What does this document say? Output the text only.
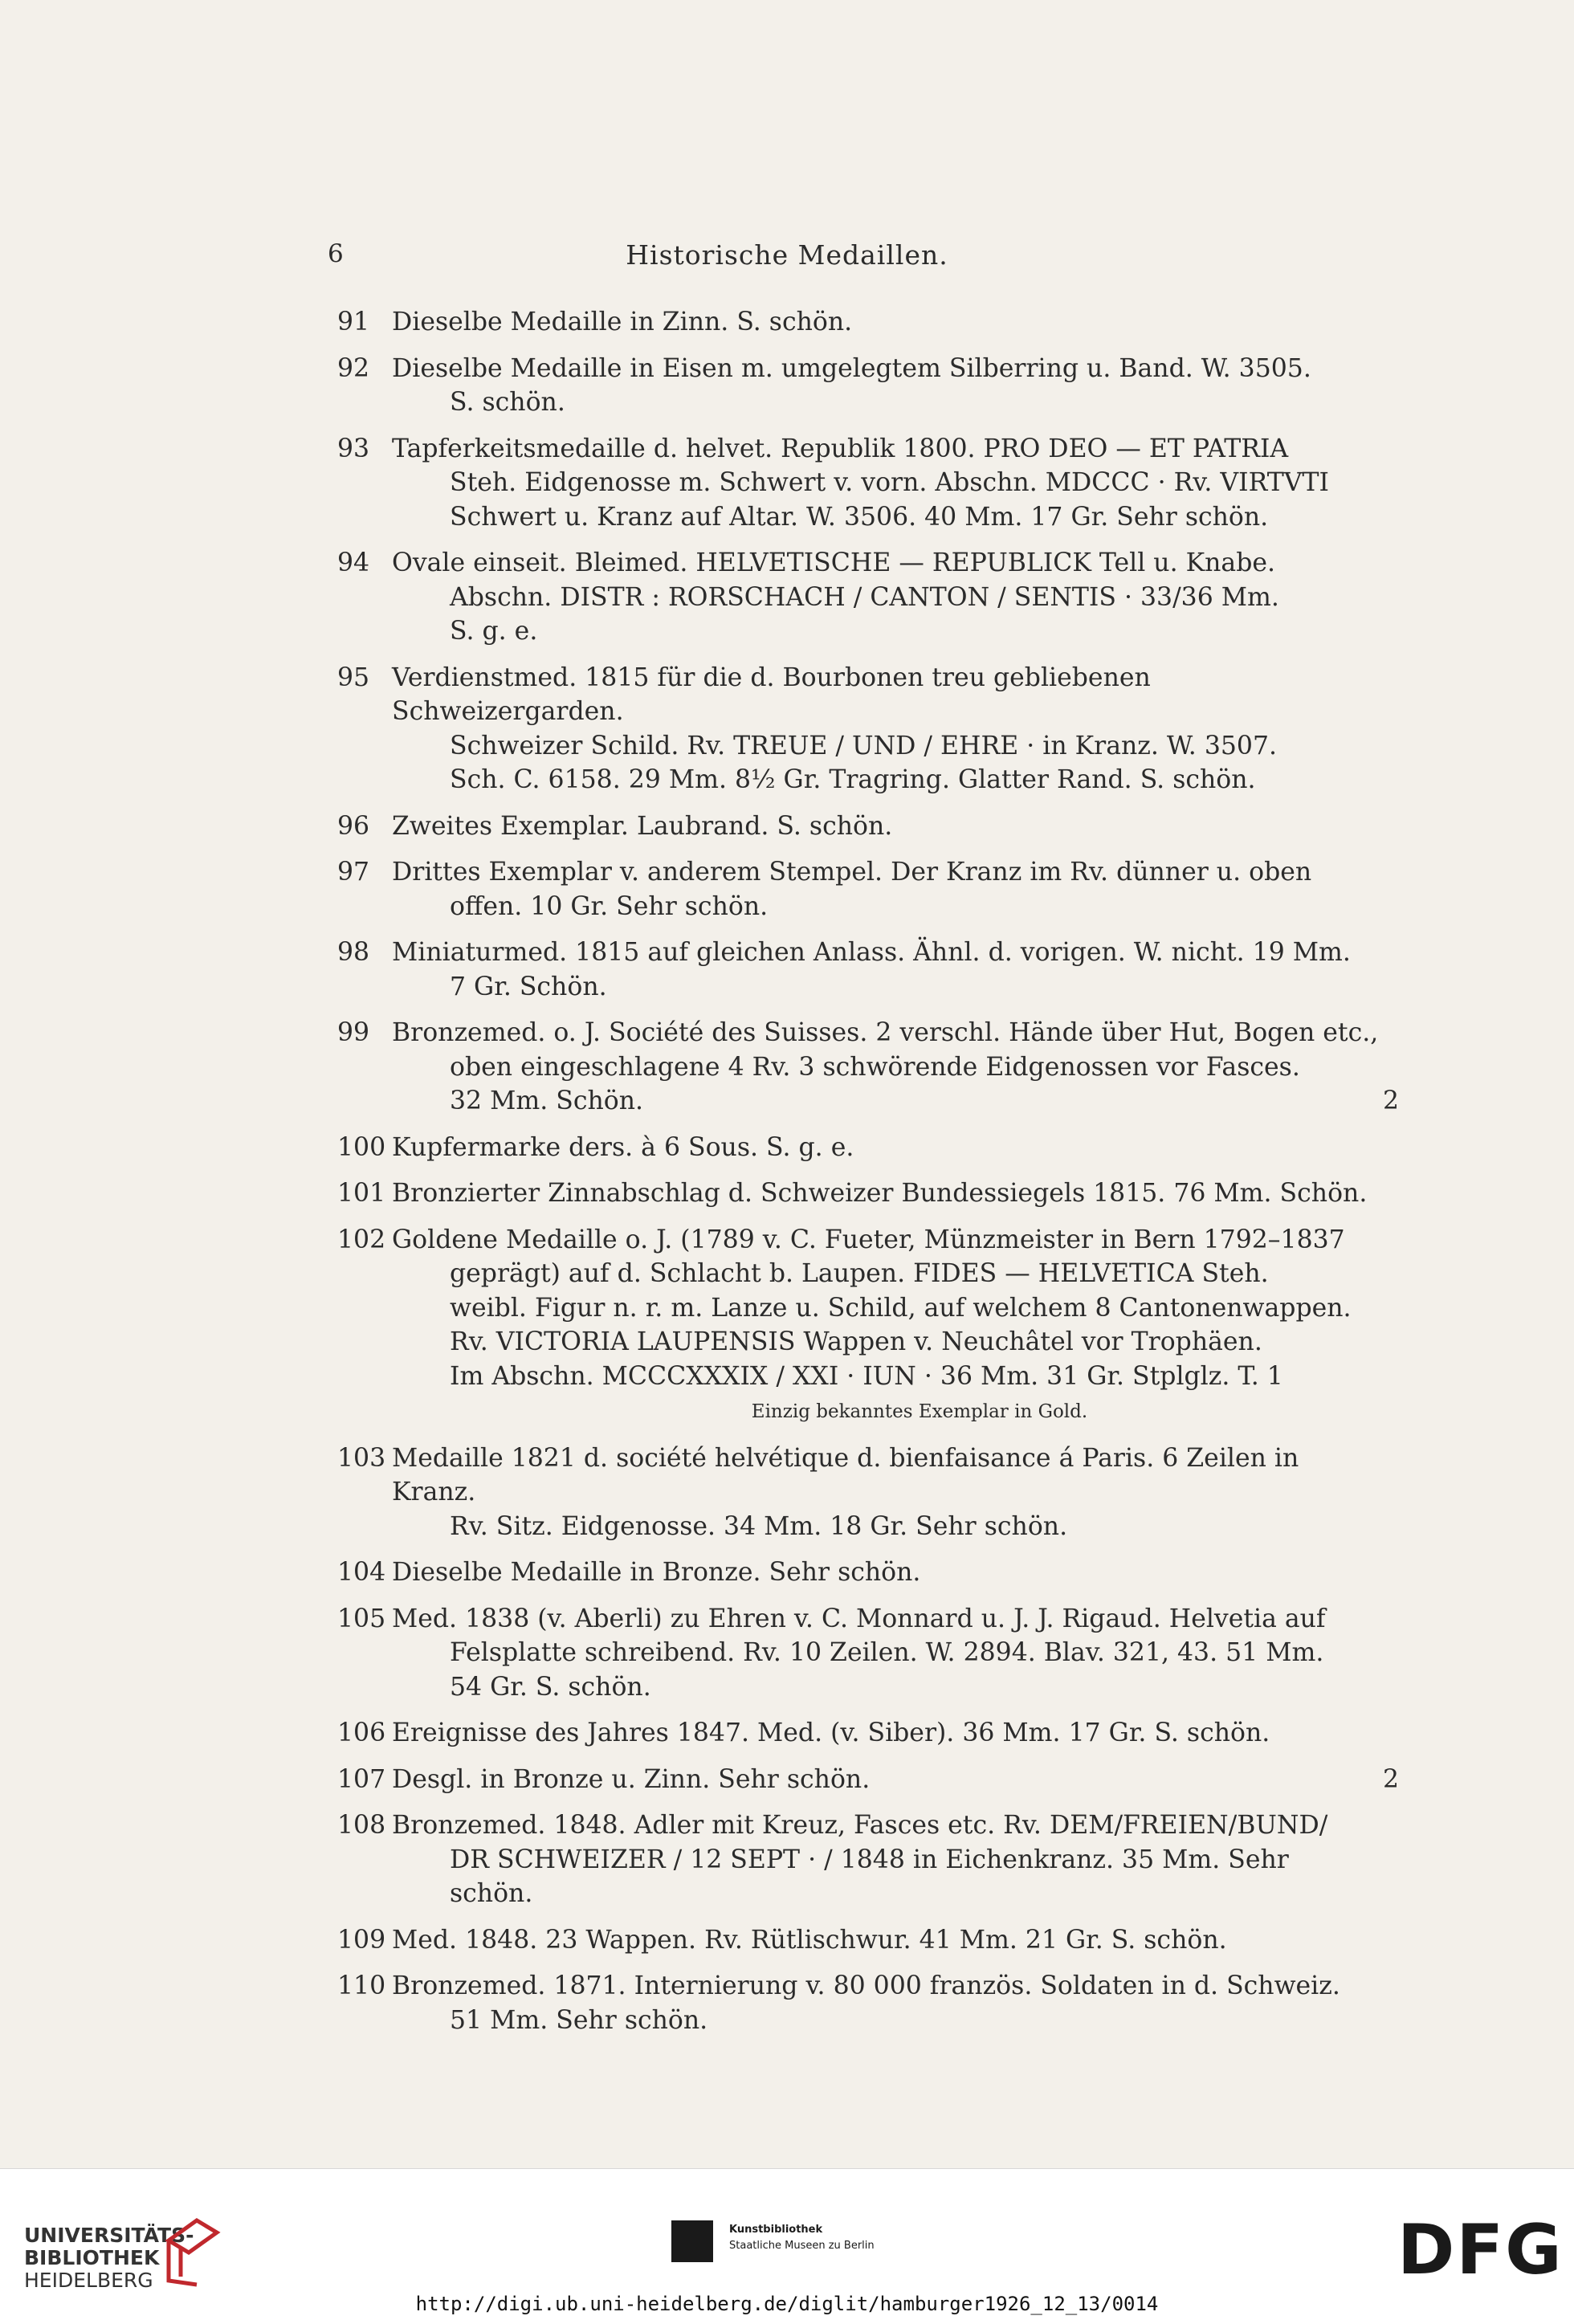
6	Historische Medaillen.
91 Dieselbe Medaille in Zinn. S. schön.
92 Dieselbe Medaille in Eisen m. umgelegtem Silberring u. Band. W. 3505.
S. schön.
93 Tapferkeitsmedaille d. helvet. Republik 1800. PRO DEO — ET PATRIA
Steh. Eidgenosse m. Schwert v. vorn. Abschn. MDCCC · Rv. VIRTVTI
Schwert u. Kranz auf Altar. W. 3506. 40 Mm. 17 Gr. Sehr schön.
94 Ovale einseit. Bleimed. HELVETISCHE — REPUBLICK Tell u. Knabe.
Abschn. DISTR : RORSCHACH / CANTON / SENTIS · 33/36 Mm.
S. g. e.
95 Verdienstmed. 1815 für die d. Bourbonen treu gebliebenen Schweizergarden.
Schweizer Schild. Rv. TREUE / UND / EHRE · in Kranz. W. 3507.
Sch. C. 6158. 29 Mm. 8½ Gr. Tragring. Glatter Rand. S. schön.
96 Zweites Exemplar. Laubrand. S. schön.
97 Drittes Exemplar v. anderem Stempel. Der Kranz im Rv. dünner u. oben
offen. 10 Gr. Sehr schön.
98 Miniaturmed. 1815 auf gleichen Anlass. Ähnl. d. vorigen. W. nicht. 19 Mm.
7 Gr. Schön.
99 Bronzemed. o. J. Société des Suisses. 2 verschl. Hände über Hut, Bogen etc.,
oben eingeschlagene 4 Rv. 3 schwörende Eidgenossen vor Fasces.
32 Mm. Schön.	2
100 Kupfermarke ders. à 6 Sous. S. g. e.
101 Bronzierter Zinnabschlag d. Schweizer Bundessiegels 1815. 76 Mm. Schön.
102 Goldene Medaille o. J. (1789 v. C. Fueter, Münzmeister in Bern 1792–1837
geprägt) auf d. Schlacht b. Laupen. FIDES — HELVETICA Steh.
weibl. Figur n. r. m. Lanze u. Schild, auf welchem 8 Cantonenwappen.
Rv. VICTORIA LAUPENSIS Wappen v. Neuchâtel vor Trophäen.
Im Abschn. MCCCXXXIX / XXI · IUN · 36 Mm. 31 Gr. Stplglz. T. 1
Einzig bekanntes Exemplar in Gold.
103 Medaille 1821 d. société helvétique d. bienfaisance á Paris. 6 Zeilen in Kranz.
Rv. Sitz. Eidgenosse. 34 Mm. 18 Gr. Sehr schön.
104 Dieselbe Medaille in Bronze. Sehr schön.
105 Med. 1838 (v. Aberli) zu Ehren v. C. Monnard u. J. J. Rigaud. Helvetia auf
Felsplatte schreibend. Rv. 10 Zeilen. W. 2894. Blav. 321, 43. 51 Mm.
54 Gr. S. schön.
106 Ereignisse des Jahres 1847. Med. (v. Siber). 36 Mm. 17 Gr. S. schön.
107 Desgl. in Bronze u. Zinn. Sehr schön.	2
108 Bronzemed. 1848. Adler mit Kreuz, Fasces etc. Rv. DEM/FREIEN/BUND/
DR SCHWEIZER / 12 SEPT · / 1848 in Eichenkranz. 35 Mm. Sehr
schön.
109 Med. 1848. 23 Wappen. Rv. Rütlischwur. 41 Mm. 21 Gr. S. schön.
110 Bronzemed. 1871. Internierung v. 80 000 französ. Soldaten in d. Schweiz.
51 Mm. Sehr schön.
UNIVERSITÄTS-
BIBLIOTHEK
HEIDELBERG
Kunstbibliothek
Staatliche Museen zu Berlin	DFG
http://digi.ub.uni-heidelberg.de/diglit/hamburger1926_12_13/0014
